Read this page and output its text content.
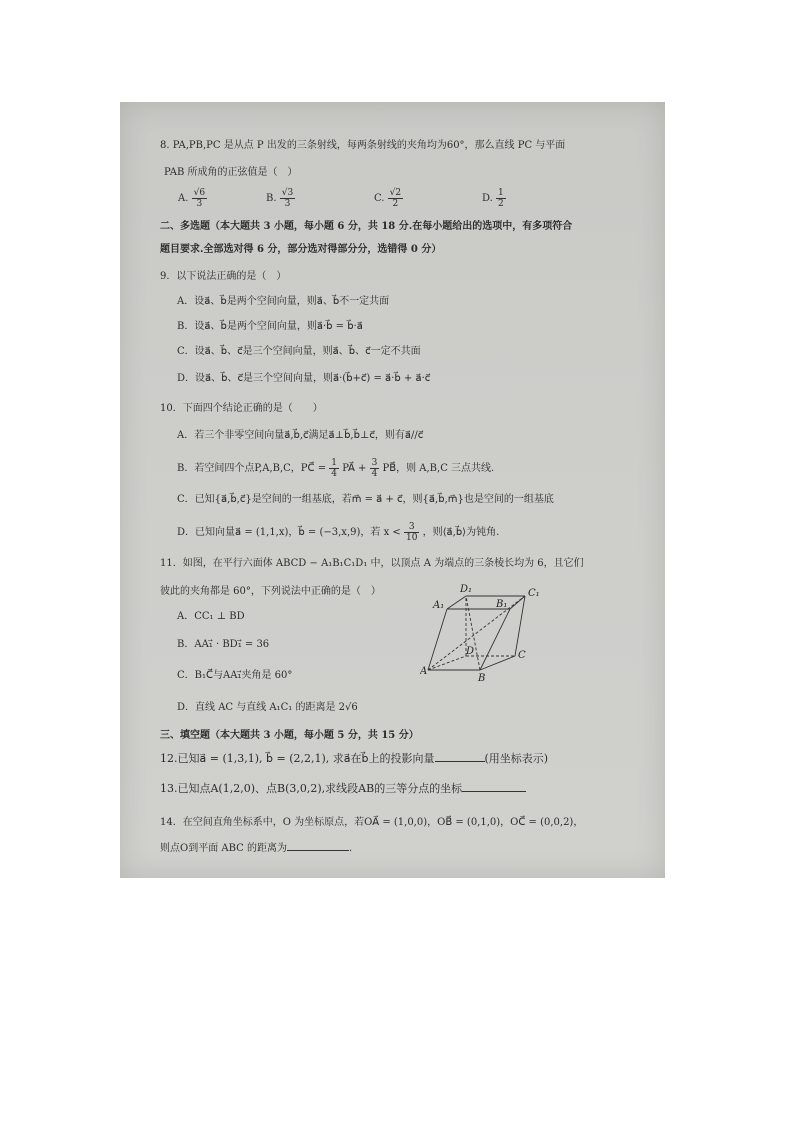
8. PA,PB,PC 是从点 P 出发的三条射线，每两条射线的夹角均为60°，那么直线 PC 与平面
PAB 所成角的正弦值是（　）
A. $\frac{√6}{3}$	B. $\frac{√3}{3}$	C. $\frac{√2}{2}$	D. $\frac{1}{2}$
二、多选题（本大题共 3 小题，每小题 6 分，共 18 分.在每小题给出的选项中，有多项符合
题目要求.全部选对得 6 分，部分选对得部分分，选错得 0 分）
9．以下说法正确的是（　）
A．设a⃗、b⃗是两个空间向量，则a⃗、b⃗不一定共面
B．设a⃗、b⃗是两个空间向量，则a⃗·b⃗ = b⃗·a⃗
C．设a⃗、b⃗、c⃗是三个空间向量，则a⃗、b⃗、c⃗一定不共面
D．设a⃗、b⃗、c⃗是三个空间向量，则a⃗·(b⃗+c⃗) = a⃗·b⃗ + a⃗·c⃗
10．下面四个结论正确的是（　　）
A．若三个非零空间向量a⃗,b⃗,c⃗满足a⃗⊥b⃗,b⃗⊥c⃗，则有a⃗//c⃗
B．若空间四个点P,A,B,C，PC⃗ = $\frac{1}{4}$ PA⃗ + $\frac{3}{4}$ PB⃗，则 A,B,C 三点共线.
C．已知{a⃗,b⃗,c⃗}是空间的一组基底，若m⃗ = a⃗ + c⃗，则{a⃗,b⃗,m⃗}也是空间的一组基底
D．已知向量a⃗ = (1,1,x)，b⃗ = (−3,x,9)，若 $x < \frac{3}{10}$ ，则⟨a⃗,b⃗⟩为钝角.
11．如图，在平行六面体 ABCD − A₁B₁C₁D₁ 中，以顶点 A 为端点的三条棱长均为 6，且它们
彼此的夹角都是 60°，下列说法中正确的是（　）
A．CC₁ ⊥ BD
B．AA₁⃗ · BD₁⃗ = 36
C．B₁C⃗与AA₁⃗夹角是 60°
D．直线 AC 与直线 A₁C₁ 的距离是 2√6
D₁	C₁
A₁	B₁
D	C
A
B
三、填空题（本大题共 3 小题，每小题 5 分，共 15 分）
12.已知a⃗ = (1,3,1), b⃗ = (2,2,1), 求a⃗在b⃗上的投影向量	(用坐标表示)
13.已知点A(1,2,0)、点B(3,0,2),求线段AB的三等分点的坐标
14．在空间直角坐标系中，O 为坐标原点，若OA⃗ = (1,0,0)，OB⃗ = (0,1,0)，OC⃗ = (0,0,2)，
则点O到平面 ABC 的距离为	.
